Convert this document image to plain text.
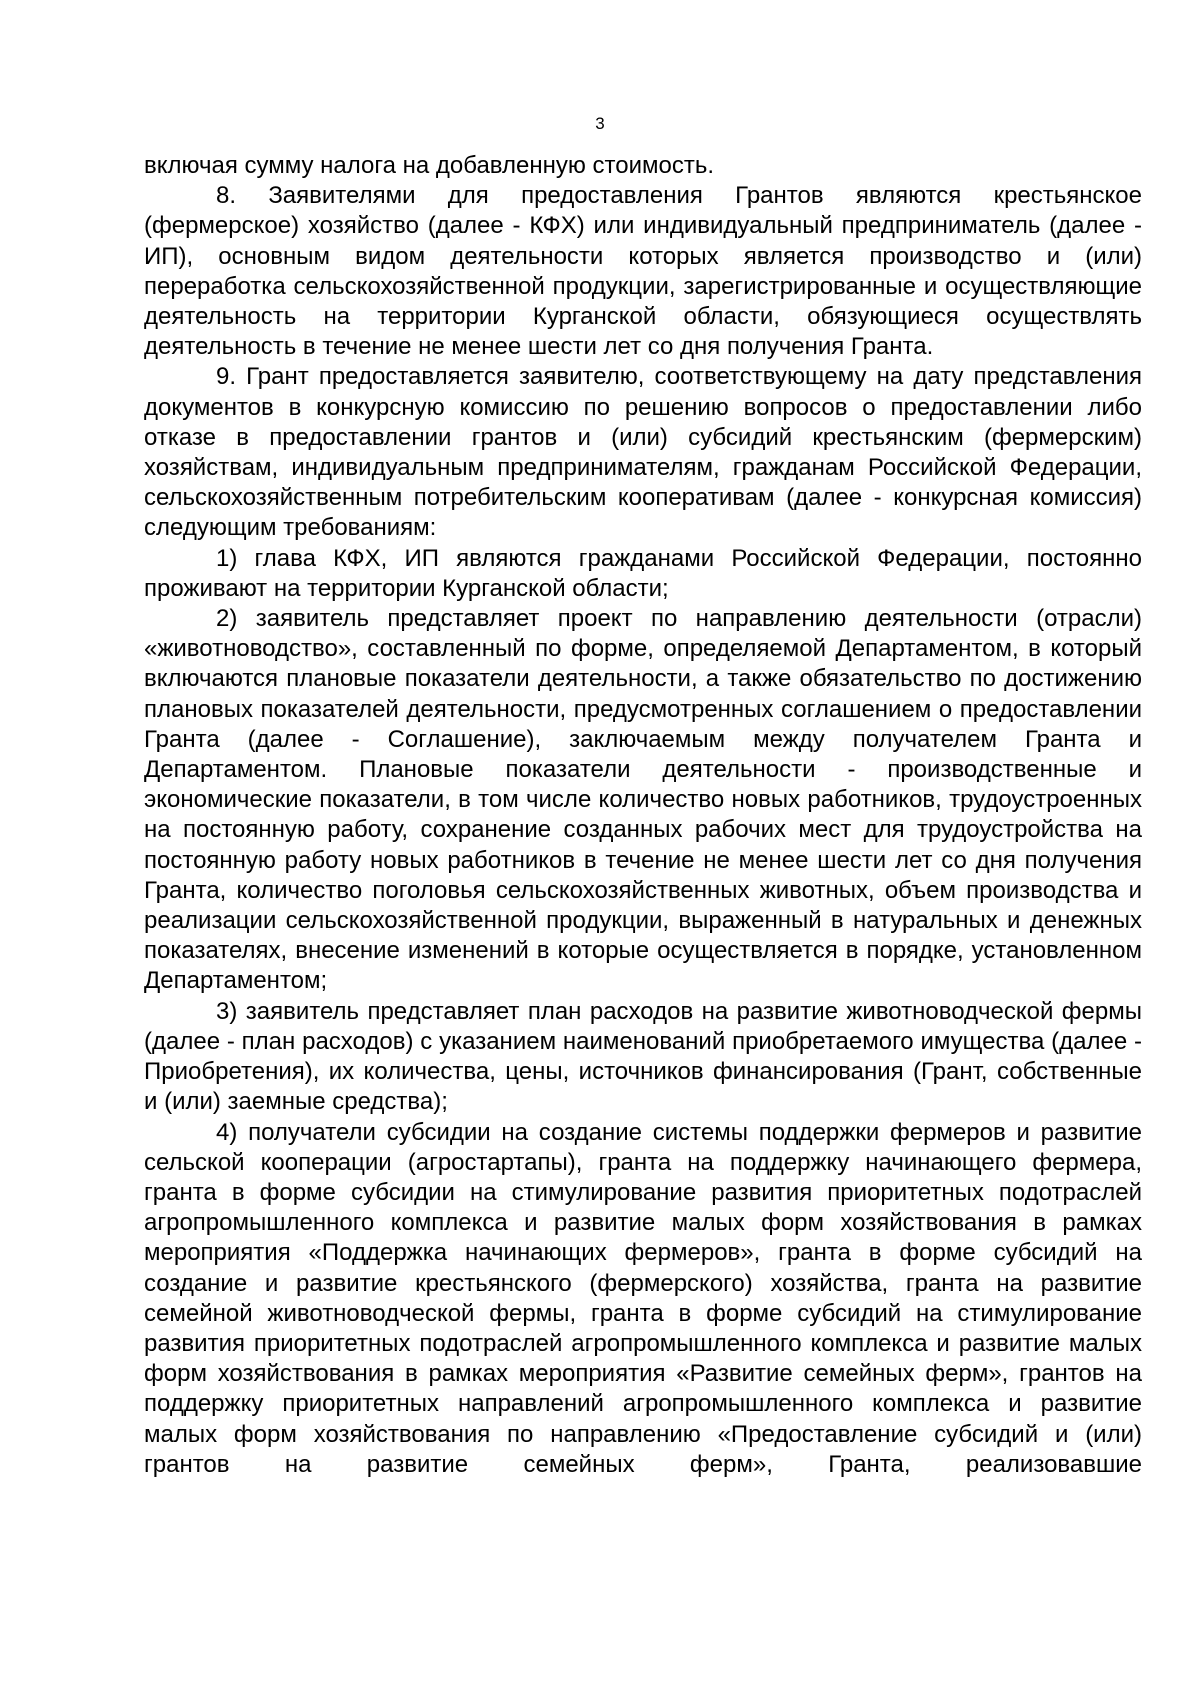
3

включая сумму налога на добавленную стоимость.

8. Заявителями для предоставления Грантов являются крестьянское (фермерское) хозяйство (далее - КФХ) или индивидуальный предприниматель (далее - ИП), основным видом деятельности которых является производство и (или) переработка сельскохозяйственной продукции, зарегистрированные и осуществляющие деятельность на территории Курганской области, обязующиеся осуществлять деятельность в течение не менее шести лет со дня получения Гранта.

9. Грант предоставляется заявителю, соответствующему на дату представления документов в конкурсную комиссию по решению вопросов о предоставлении либо отказе в предоставлении грантов и (или) субсидий крестьянским (фермерским) хозяйствам, индивидуальным предпринимателям, гражданам Российской Федерации, сельскохозяйственным потребительским кооперативам (далее - конкурсная комиссия) следующим требованиям:

1) глава КФХ, ИП являются гражданами Российской Федерации, постоянно проживают на территории Курганской области;

2) заявитель представляет проект по направлению деятельности (отрасли) «животноводство», составленный по форме, определяемой Департаментом, в который включаются плановые показатели деятельности, а также обязательство по достижению плановых показателей деятельности, предусмотренных соглашением о предоставлении Гранта (далее - Соглашение), заключаемым между получателем Гранта и Департаментом. Плановые показатели деятельности - производственные и экономические показатели, в том числе количество новых работников, трудоустроенных на постоянную работу, сохранение созданных рабочих мест для трудоустройства на постоянную работу новых работников в течение не менее шести лет со дня получения Гранта, количество поголовья сельскохозяйственных животных, объем производства и реализации сельскохозяйственной продукции, выраженный в натуральных и денежных показателях, внесение изменений в которые осуществляется в порядке, установленном Департаментом;

3) заявитель представляет план расходов на развитие животноводческой фермы (далее - план расходов) с указанием наименований приобретаемого имущества (далее - Приобретения), их количества, цены, источников финансирования (Грант, собственные и (или) заемные средства);

4) получатели субсидии на создание системы поддержки фермеров и развитие сельской кооперации (агростартапы), гранта на поддержку начинающего фермера, гранта в форме субсидии на стимулирование развития приоритетных подотраслей агропромышленного комплекса и развитие малых форм хозяйствования в рамках мероприятия «Поддержка начинающих фермеров», гранта в форме субсидий на создание и развитие крестьянского (фермерского) хозяйства, гранта на развитие семейной животноводческой фермы, гранта в форме субсидий на стимулирование развития приоритетных подотраслей агропромышленного комплекса и развитие малых форм хозяйствования в рамках мероприятия «Развитие семейных ферм», грантов на поддержку приоритетных направлений агропромышленного комплекса и развитие малых форм хозяйствования по направлению «Предоставление субсидий и (или) грантов на развитие семейных ферм», Гранта, реализовавшие
